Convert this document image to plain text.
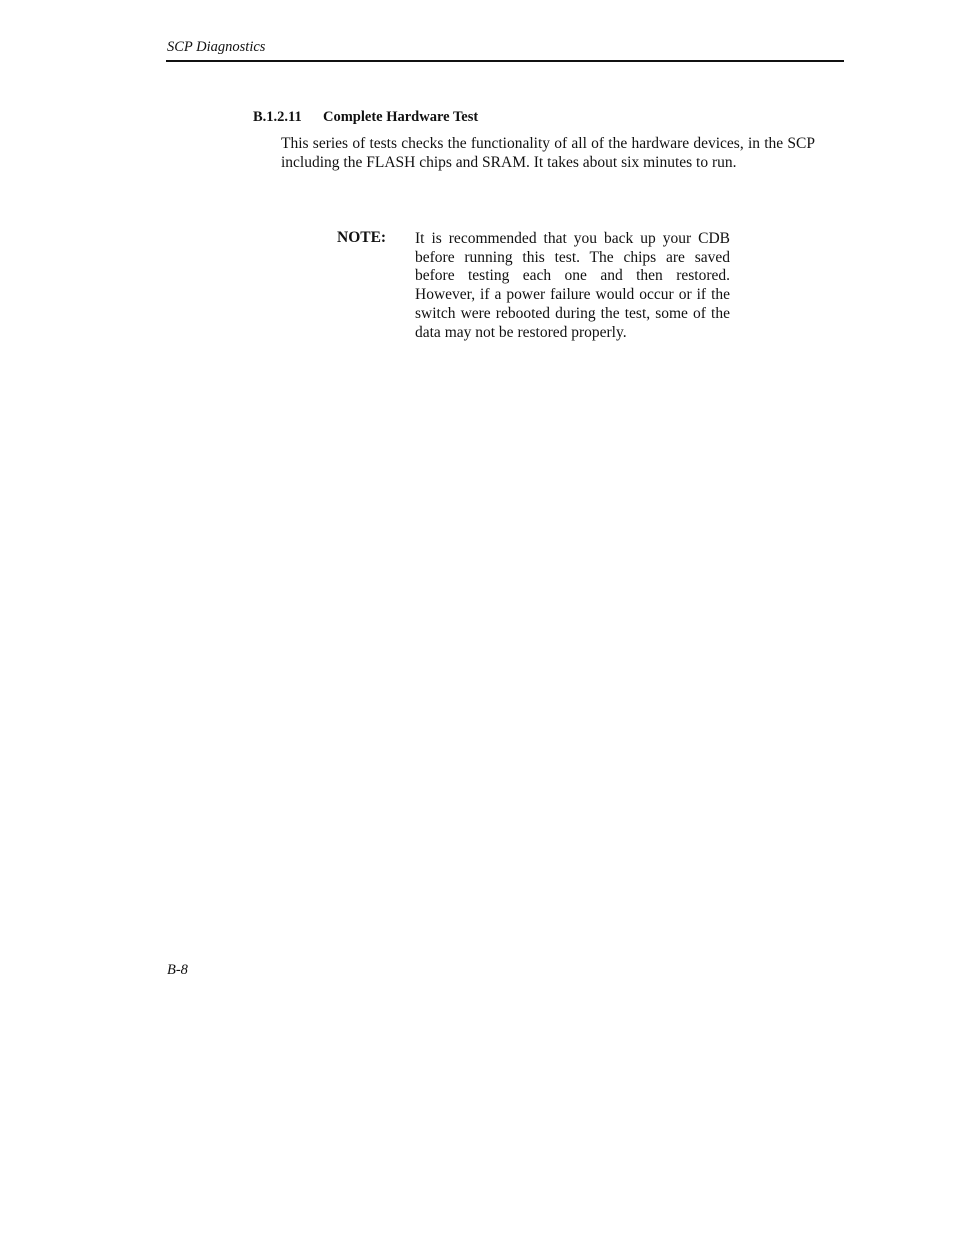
SCP Diagnostics
B.1.2.11 Complete Hardware Test

This series of tests checks the functionality of all of the hardware devices, in the SCP including the FLASH chips and SRAM. It takes about six minutes to run.

NOTE: It is recommended that you back up your CDB before running this test. The chips are saved before testing each one and then restored. However, if a power failure would occur or if the switch were rebooted during the test, some of the data may not be restored properly.

B-8
